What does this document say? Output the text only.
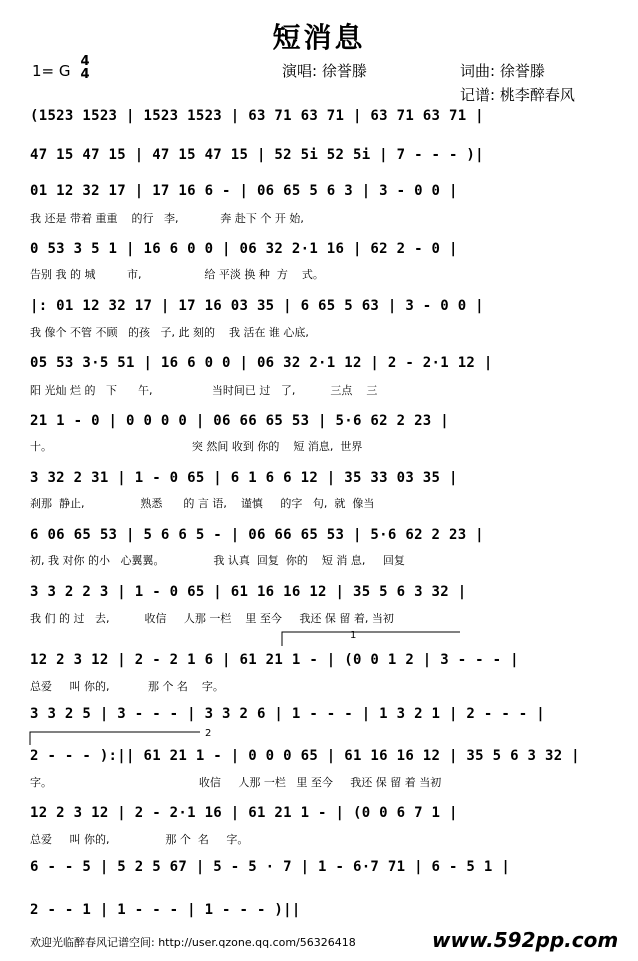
短消息
1= G
4
4	演唱: 徐誉滕	词曲: 徐誉滕
记谱: 桃李醉春风
(1523 1523 | 1523 1523 | 63 71 63 71 | 63 71 63 71 |
47 15 47 15 | 47 15 47 15 | 52 5i 52 5i | 7 - - - )|
01 12 32 17 | 17 16 6 - | 06 65 5 6 3 | 3 - 0 0 |
我 还是 带着 重重    的行   李,            奔 赴下 个 开 始,
0 53 3 5 1 | 16 6 0 0 | 06 32 2·1 16 | 62 2 - 0 |
告别 我 的 城         市,                  给 平淡 换 种  方    式。
|: 01 12 32 17 | 17 16 03 35 | 6 65 5 63 | 3 - 0 0 |
我 像个 不管 不顾   的孩   子, 此 刻的    我 活在 谁 心底,
05 53 3·5 51 | 16 6 0 0 | 06 32 2·1 12 | 2 - 2·1 12 |
阳 光灿 烂 的   下      午,                 当时间已 过   了,          三点    三
21 1 - 0 | 0 0 0 0 | 06 66 65 53 | 5·6 62 2 23 |
十。                                        突 然间 收到 你的    短 消息,  世界
3 32 2 31 | 1 - 0 65 | 6 1 6 6 12 | 35 33 03 35 |
刹那  静止,                熟悉      的 言 语,    谨慎     的字   句,  就  像当
6 06 65 53 | 5 6 6 5 - | 06 66 65 53 | 5·6 62 2 23 |
初, 我 对你 的小   心翼翼。              我 认真  回复  你的    短 消 息,     回复
3 3 2 2 3 | 1 - 0 65 | 61 16 16 12 | 35 5 6 3 32 |
我 们 的 过   去,          收信     人那 一栏    里 至今     我还 保 留 着, 当初
12 2 3 12 | 2 - 2 1 6 | 61 21 1 - | (0 0 1 2 | 3 - - - |
总爱     叫 你的,           那 个 名    字。
3 3 2 5 | 3 - - - | 3 3 2 6 | 1 - - - | 1 3 2 1 | 2 - - - |
2 - - - ):|| 61 21 1 - | 0 0 0 65 | 61 16 16 12 | 35 5 6 3 32 |
字。                                          收信     人那 一栏   里 至今     我还 保 留 着 当初
12 2 3 12 | 2 - 2·1 16 | 61 21 1 - | (0 0 6 7 1 |
总爱     叫 你的,                那 个  名     字。
6 - - 5 | 5 2 5 67 | 5 - 5 · 7 | 1 - 6·7 71 | 6 - 5 1 |
2 - - 1 | 1 - - - | 1 - - - )||
1
2
欢迎光临醉春风记谱空间: http://user.qzone.qq.com/56326418	www.592pp.com
